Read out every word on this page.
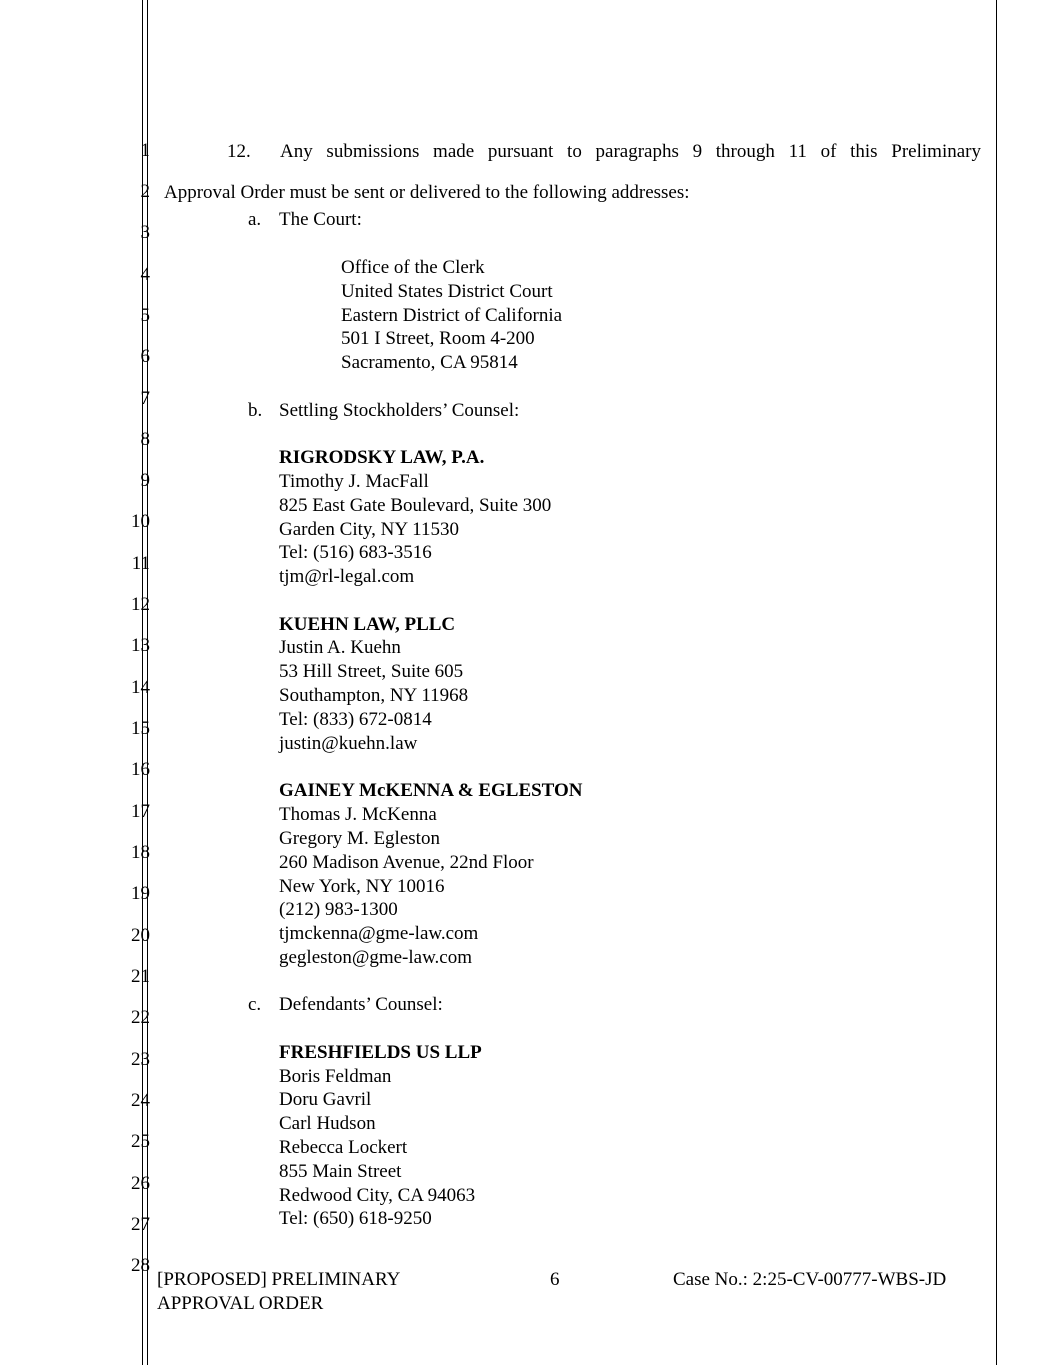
1
2
3
4
5
6
7
8
9
10
11
12
13
14
15
16
17
18
19
20
21
22
23
24
25
26
27
28
12. Any submissions made pursuant to paragraphs 9 through 11 of this Preliminary
Approval Order must be sent or delivered to the following addresses:
a. The Court:
Office of the Clerk
United States District Court
Eastern District of California
501 I Street, Room 4-200
Sacramento, CA 95814
b. Settling Stockholders’ Counsel:
RIGRODSKY LAW, P.A.
Timothy J. MacFall
825 East Gate Boulevard, Suite 300
Garden City, NY 11530
Tel: (516) 683-3516
tjm@rl-legal.com
KUEHN LAW, PLLC
Justin A. Kuehn
53 Hill Street, Suite 605
Southampton, NY 11968
Tel: (833) 672-0814
justin@kuehn.law
GAINEY McKENNA & EGLESTON
Thomas J. McKenna
Gregory M. Egleston
260 Madison Avenue, 22nd Floor
New York, NY 10016
(212) 983-1300
tjmckenna@gme-law.com
gegleston@gme-law.com
c. Defendants’ Counsel:
FRESHFIELDS US LLP
Boris Feldman
Doru Gavril
Carl Hudson
Rebecca Lockert
855 Main Street
Redwood City, CA 94063
Tel: (650) 618-9250
[PROPOSED] PRELIMINARY
APPROVAL ORDER
6	Case No.: 2:25-CV-00777-WBS-JD
